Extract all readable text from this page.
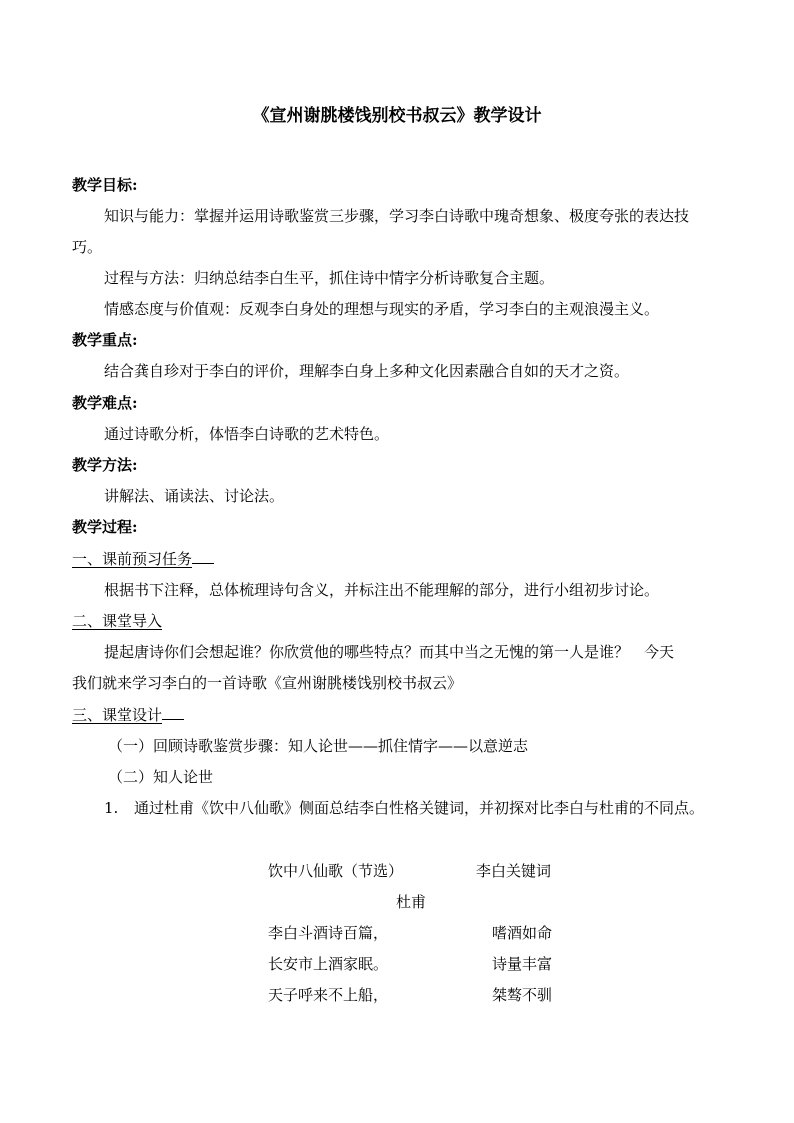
《宣州谢朓楼饯别校书叔云》教学设计
教学目标:
知识与能力：掌握并运用诗歌鉴赏三步骤，学习李白诗歌中瑰奇想象、极度夸张的表达技
巧。
过程与方法：归纳总结李白生平，抓住诗中情字分析诗歌复合主题。
情感态度与价值观：反观李白身处的理想与现实的矛盾，学习李白的主观浪漫主义。
教学重点:
结合龚自珍对于李白的评价，理解李白身上多种文化因素融合自如的天才之资。
教学难点:
通过诗歌分析，体悟李白诗歌的艺术特色。
教学方法:
讲解法、诵读法、讨论法。
教学过程:
一、课前预习任务
根据书下注释，总体梳理诗句含义，并标注出不能理解的部分，进行小组初步讨论。
二、课堂导入
提起唐诗你们会想起谁？你欣赏他的哪些特点？而其中当之无愧的第一人是谁？　今天
我们就来学习李白的一首诗歌《宣州谢朓楼饯别校书叔云》
三、课堂设计
（一）回顾诗歌鉴赏步骤：知人论世——抓住情字——以意逆志
（二）知人论世
1. 通过杜甫《饮中八仙歌》侧面总结李白性格关键词，并初探对比李白与杜甫的不同点。
饮中八仙歌（节选）	李白关键词
杜甫
李白斗酒诗百篇，	嗜酒如命
长安市上酒家眠。	诗量丰富
天子呼来不上船，	桀骜不驯
